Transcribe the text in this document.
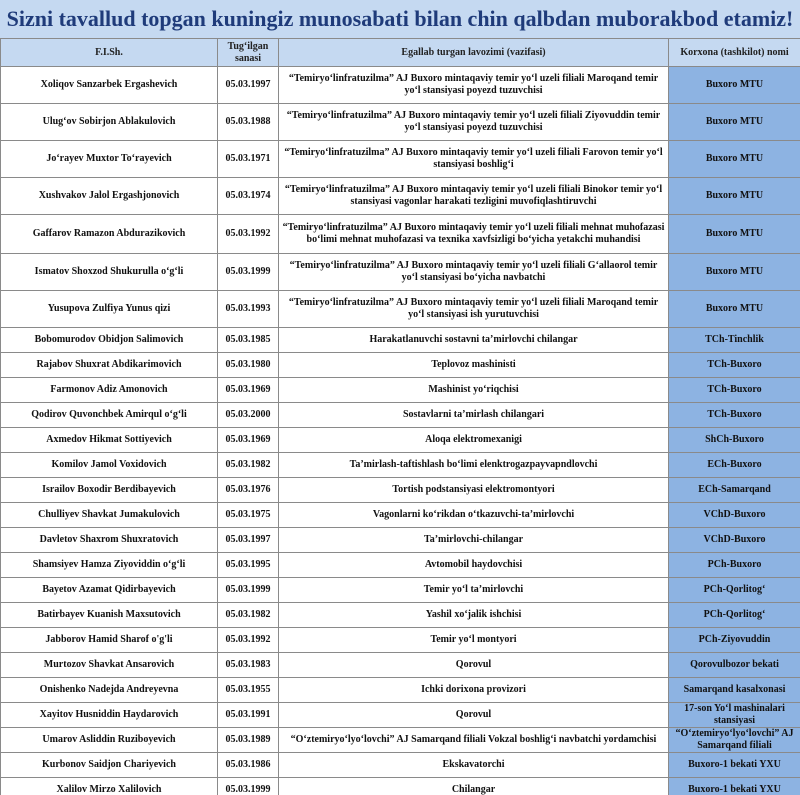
Sizni tavallud topgan kuningiz munosabati bilan chin qalbdan muborakbod etamiz!
F.I.Sh.	Tug‘ilgan sanasi	Egallab turgan lavozimi (vazifasi)	Korxona (tashkilot) nomi
Xoliqov Sanzarbek Ergashevich	05.03.1997	“Temiryo‘linfratuzilma” AJ Buxoro mintaqaviy temir yo‘l uzeli filiali Maroqand temir yo‘l stansiyasi poyezd tuzuvchisi	Buxoro MTU
Ulug‘ov Sobirjon Ablakulovich	05.03.1988	“Temiryo‘linfratuzilma” AJ Buxoro mintaqaviy temir yo‘l uzeli filiali Ziyovuddin temir yo‘l stansiyasi poyezd tuzuvchisi	Buxoro MTU
Jo‘rayev Muxtor To‘rayevich	05.03.1971	“Temiryo‘linfratuzilma” AJ Buxoro mintaqaviy temir yo‘l uzeli filiali Farovon temir yo‘l stansiyasi boshlig‘i	Buxoro MTU
Xushvakov Jalol Ergashjonovich	05.03.1974	“Temiryo‘linfratuzilma” AJ Buxoro mintaqaviy temir yo‘l uzeli filiali Binokor temir yo‘l stansiyasi vagonlar harakati tezligini muvofiqlashtiruvchi	Buxoro MTU
Gaffarov Ramazon Abdurazikovich	05.03.1992	“Temiryo‘linfratuzilma” AJ Buxoro mintaqaviy temir yo‘l uzeli filiali mehnat muhofazasi bo‘limi mehnat muhofazasi va texnika xavfsizligi bo‘yicha yetakchi muhandisi	Buxoro MTU
Ismatov Shoxzod Shukurulla o‘g‘li	05.03.1999	“Temiryo‘linfratuzilma” AJ Buxoro mintaqaviy temir yo‘l uzeli filiali G‘allaorol temir yo‘l stansiyasi bo‘yicha navbatchi	Buxoro MTU
Yusupova Zulfiya Yunus qizi	05.03.1993	“Temiryo‘linfratuzilma” AJ Buxoro mintaqaviy temir yo‘l uzeli filiali Maroqand temir yo‘l stansiyasi ish yurutuvchisi	Buxoro MTU
Bobomurodov Obidjon Salimovich	05.03.1985	Harakatlanuvchi sostavni ta’mirlovchi chilangar	TCh-Tinchlik
Rajabov Shuxrat Abdikarimovich	05.03.1980	Teplovoz mashinisti	TCh-Buxoro
Farmonov Adiz Amonovich	05.03.1969	Mashinist yo‘riqchisi	TCh-Buxoro
Qodirov Quvonchbek Amirqul o‘g‘li	05.03.2000	Sostavlarni ta’mirlash chilangari	TCh-Buxoro
Axmedov Hikmat Sottiyevich	05.03.1969	Aloqa elektromexanigi	ShCh-Buxoro
Komilov Jamol Voxidovich	05.03.1982	Ta’mirlash-taftishlash bo‘limi elenktrogazpayvapndlovchi	ECh-Buxoro
Israilov Boxodir Berdibayevich	05.03.1976	Tortish podstansiyasi elektromontyori	ECh-Samarqand
Chulliyev Shavkat Jumakulovich	05.03.1975	Vagonlarni ko‘rikdan o‘tkazuvchi-ta’mirlovchi	VChD-Buxoro
Davletov Shaxrom Shuxratovich	05.03.1997	Ta’mirlovchi-chilangar	VChD-Buxoro
Shamsiyev Hamza Ziyoviddin o‘g‘li	05.03.1995	Avtomobil haydovchisi	PCh-Buxoro
Bayetov Azamat Qidirbayevich	05.03.1999	Temir yo‘l ta’mirlovchi	PCh-Qorlitog‘
Batirbayev Kuanish Maxsutovich	05.03.1982	Yashil xo‘jalik ishchisi	PCh-Qorlitog‘
Jabborov Hamid Sharof o'g'li	05.03.1992	Temir yo‘l montyori	PCh-Ziyovuddin
Murtozov Shavkat Ansarovich	05.03.1983	Qorovul	Qorovulbozor bekati
Onishenko Nadejda Andreyevna	05.03.1955	Ichki dorixona provizori	Samarqand kasalxonasi
Xayitov Husniddin Haydarovich	05.03.1991	Qorovul	17-son Yo‘l mashinalari stansiyasi
Umarov Asliddin Ruziboyevich	05.03.1989	“O‘ztemiryo‘lyo‘lovchi” AJ Samarqand filiali Vokzal boshlig‘i navbatchi yordamchisi	“O‘ztemiryo‘lyo‘lovchi” AJ Samarqand filiali
Kurbonov Saidjon Chariyevich	05.03.1986	Ekskavatorchi	Buxoro-1 bekati YXU
Xalilov Mirzo Xalilovich	05.03.1999	Chilangar	Buxoro-1 bekati YXU
